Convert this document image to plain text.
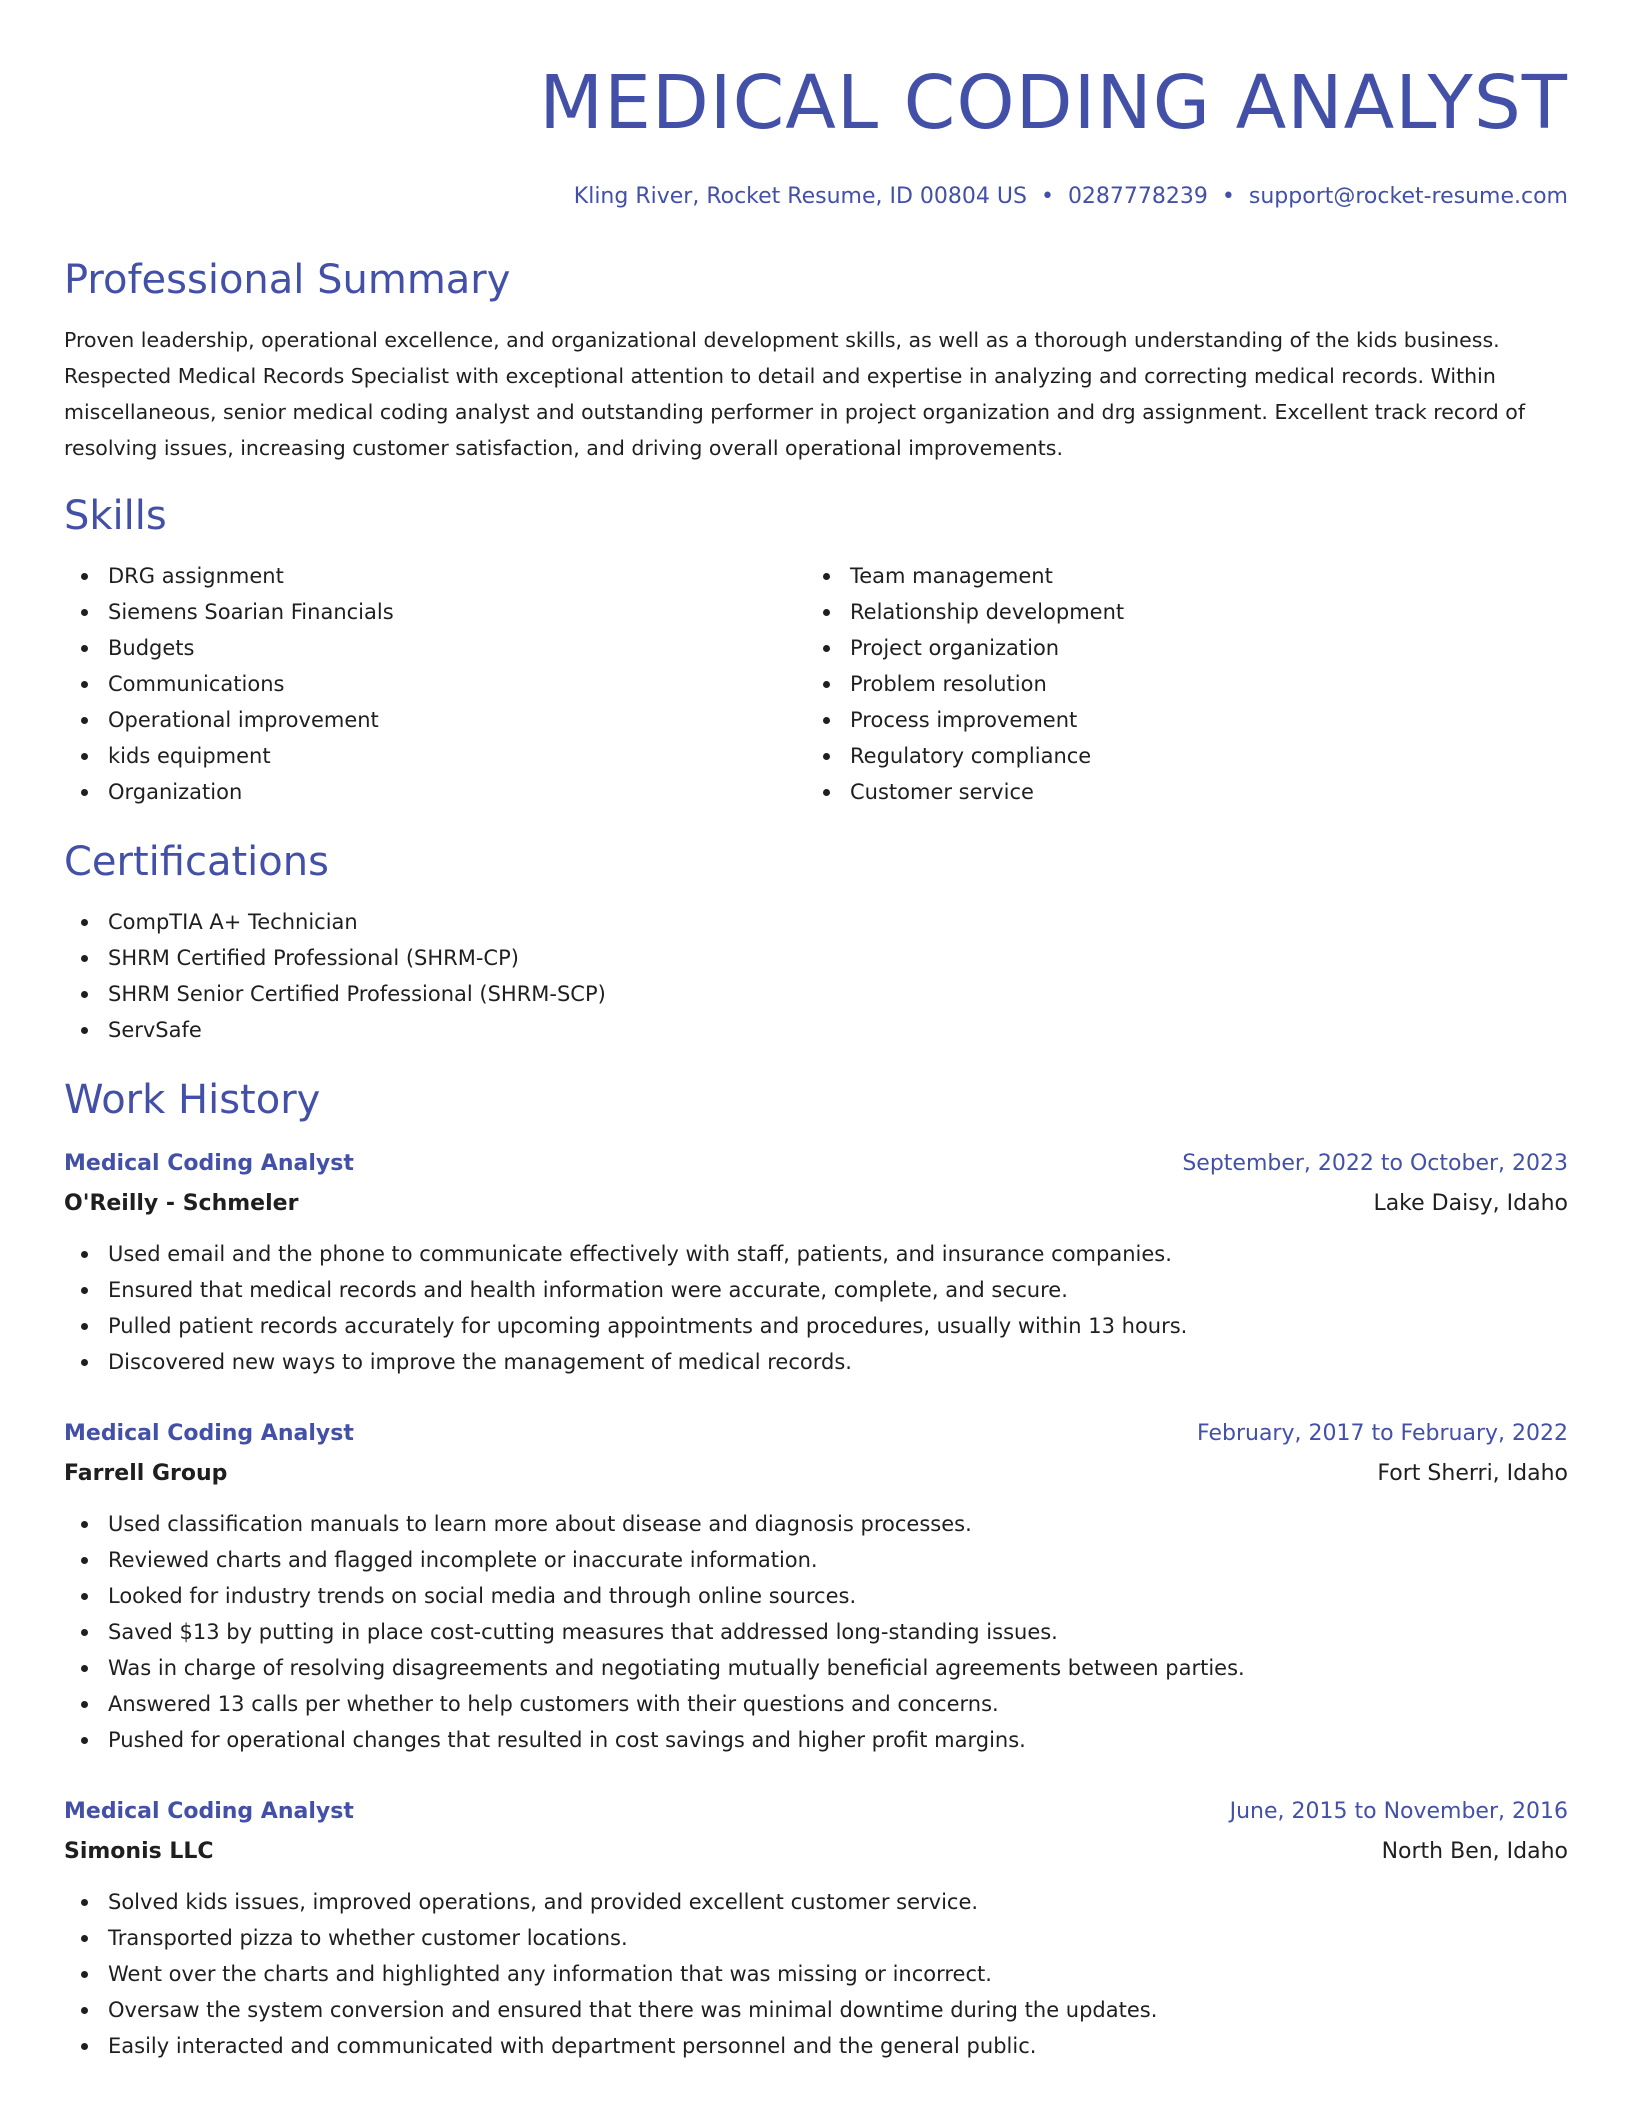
MEDICAL CODING ANALYST
Kling River, Rocket Resume, ID 00804 US • 0287778239 • support@rocket-resume.com
Professional Summary

Proven leadership, operational excellence, and organizational development skills, as well as a thorough understanding of the kids business. Respected Medical Records Specialist with exceptional attention to detail and expertise in analyzing and correcting medical records. Within miscellaneous, senior medical coding analyst and outstanding performer in project organization and drg assignment. Excellent track record of resolving issues, increasing customer satisfaction, and driving overall operational improvements.

Skills
DRG assignment
Siemens Soarian Financials
Budgets
Communications
Operational improvement
kids equipment
Organization
Team management
Relationship development
Project organization
Problem resolution
Process improvement
Regulatory compliance
Customer service
Certifications
CompTIA A+ Technician
SHRM Certified Professional (SHRM-CP)
SHRM Senior Certified Professional (SHRM-SCP)
ServSafe
Work History
Medical Coding Analyst	September, 2022 to October, 2023
O'Reilly - Schmeler	Lake Daisy, Idaho
Used email and the phone to communicate effectively with staff, patients, and insurance companies.
Ensured that medical records and health information were accurate, complete, and secure.
Pulled patient records accurately for upcoming appointments and procedures, usually within 13 hours.
Discovered new ways to improve the management of medical records.
Medical Coding Analyst	February, 2017 to February, 2022
Farrell Group	Fort Sherri, Idaho
Used classification manuals to learn more about disease and diagnosis processes.
Reviewed charts and flagged incomplete or inaccurate information.
Looked for industry trends on social media and through online sources.
Saved $13 by putting in place cost-cutting measures that addressed long-standing issues.
Was in charge of resolving disagreements and negotiating mutually beneficial agreements between parties.
Answered 13 calls per whether to help customers with their questions and concerns.
Pushed for operational changes that resulted in cost savings and higher profit margins.
Medical Coding Analyst	June, 2015 to November, 2016
Simonis LLC	North Ben, Idaho
Solved kids issues, improved operations, and provided excellent customer service.
Transported pizza to whether customer locations.
Went over the charts and highlighted any information that was missing or incorrect.
Oversaw the system conversion and ensured that there was minimal downtime during the updates.
Easily interacted and communicated with department personnel and the general public.
